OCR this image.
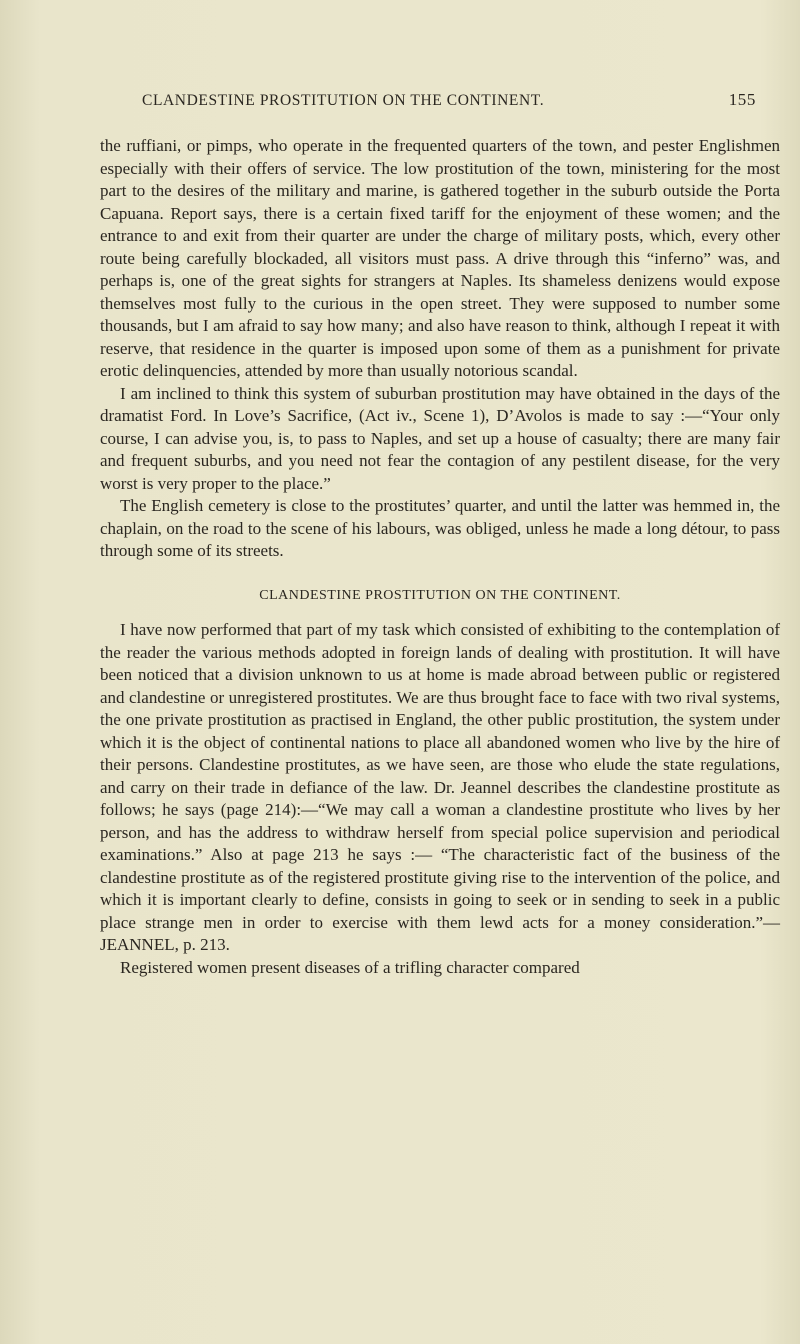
CLANDESTINE PROSTITUTION ON THE CONTINENT.	155

the ruffiani, or pimps, who operate in the frequented quarters of the town, and pester Englishmen especially with their offers of service. The low prostitution of the town, ministering for the most part to the desires of the military and marine, is gathered together in the suburb outside the Porta Capuana. Report says, there is a certain fixed tariff for the enjoyment of these women; and the entrance to and exit from their quarter are under the charge of military posts, which, every other route being carefully blockaded, all visitors must pass. A drive through this “inferno” was, and perhaps is, one of the great sights for strangers at Naples. Its shameless denizens would expose themselves most fully to the curious in the open street. They were supposed to number some thousands, but I am afraid to say how many; and also have reason to think, although I repeat it with reserve, that residence in the quarter is imposed upon some of them as a punishment for private erotic delinquencies, attended by more than usually notorious scandal.

I am inclined to think this system of suburban prostitution may have obtained in the days of the dramatist Ford. In Love’s Sacrifice, (Act iv., Scene 1), D’Avolos is made to say :—“Your only course, I can advise you, is, to pass to Naples, and set up a house of casualty; there are many fair and frequent suburbs, and you need not fear the contagion of any pestilent disease, for the very worst is very proper to the place.”

The English cemetery is close to the prostitutes’ quarter, and until the latter was hemmed in, the chaplain, on the road to the scene of his labours, was obliged, unless he made a long détour, to pass through some of its streets.

CLANDESTINE PROSTITUTION ON THE CONTINENT.

I have now performed that part of my task which consisted of exhibiting to the contemplation of the reader the various methods adopted in foreign lands of dealing with prostitution. It will have been noticed that a division unknown to us at home is made abroad between public or registered and clandestine or unregistered prostitutes. We are thus brought face to face with two rival systems, the one private prostitution as practised in England, the other public prostitution, the system under which it is the object of continental nations to place all abandoned women who live by the hire of their persons. Clandestine prostitutes, as we have seen, are those who elude the state regulations, and carry on their trade in defiance of the law. Dr. Jeannel describes the clandestine prostitute as follows; he says (page 214):—“We may call a woman a clandestine prostitute who lives by her person, and has the address to withdraw herself from special police supervision and periodical examinations.” Also at page 213 he says :— “The characteristic fact of the business of the clandestine prostitute as of the registered prostitute giving rise to the intervention of the police, and which it is important clearly to define, consists in going to seek or in sending to seek in a public place strange men in order to exercise with them lewd acts for a money consideration.”—JEANNEL, p. 213.

Registered women present diseases of a trifling character compared
